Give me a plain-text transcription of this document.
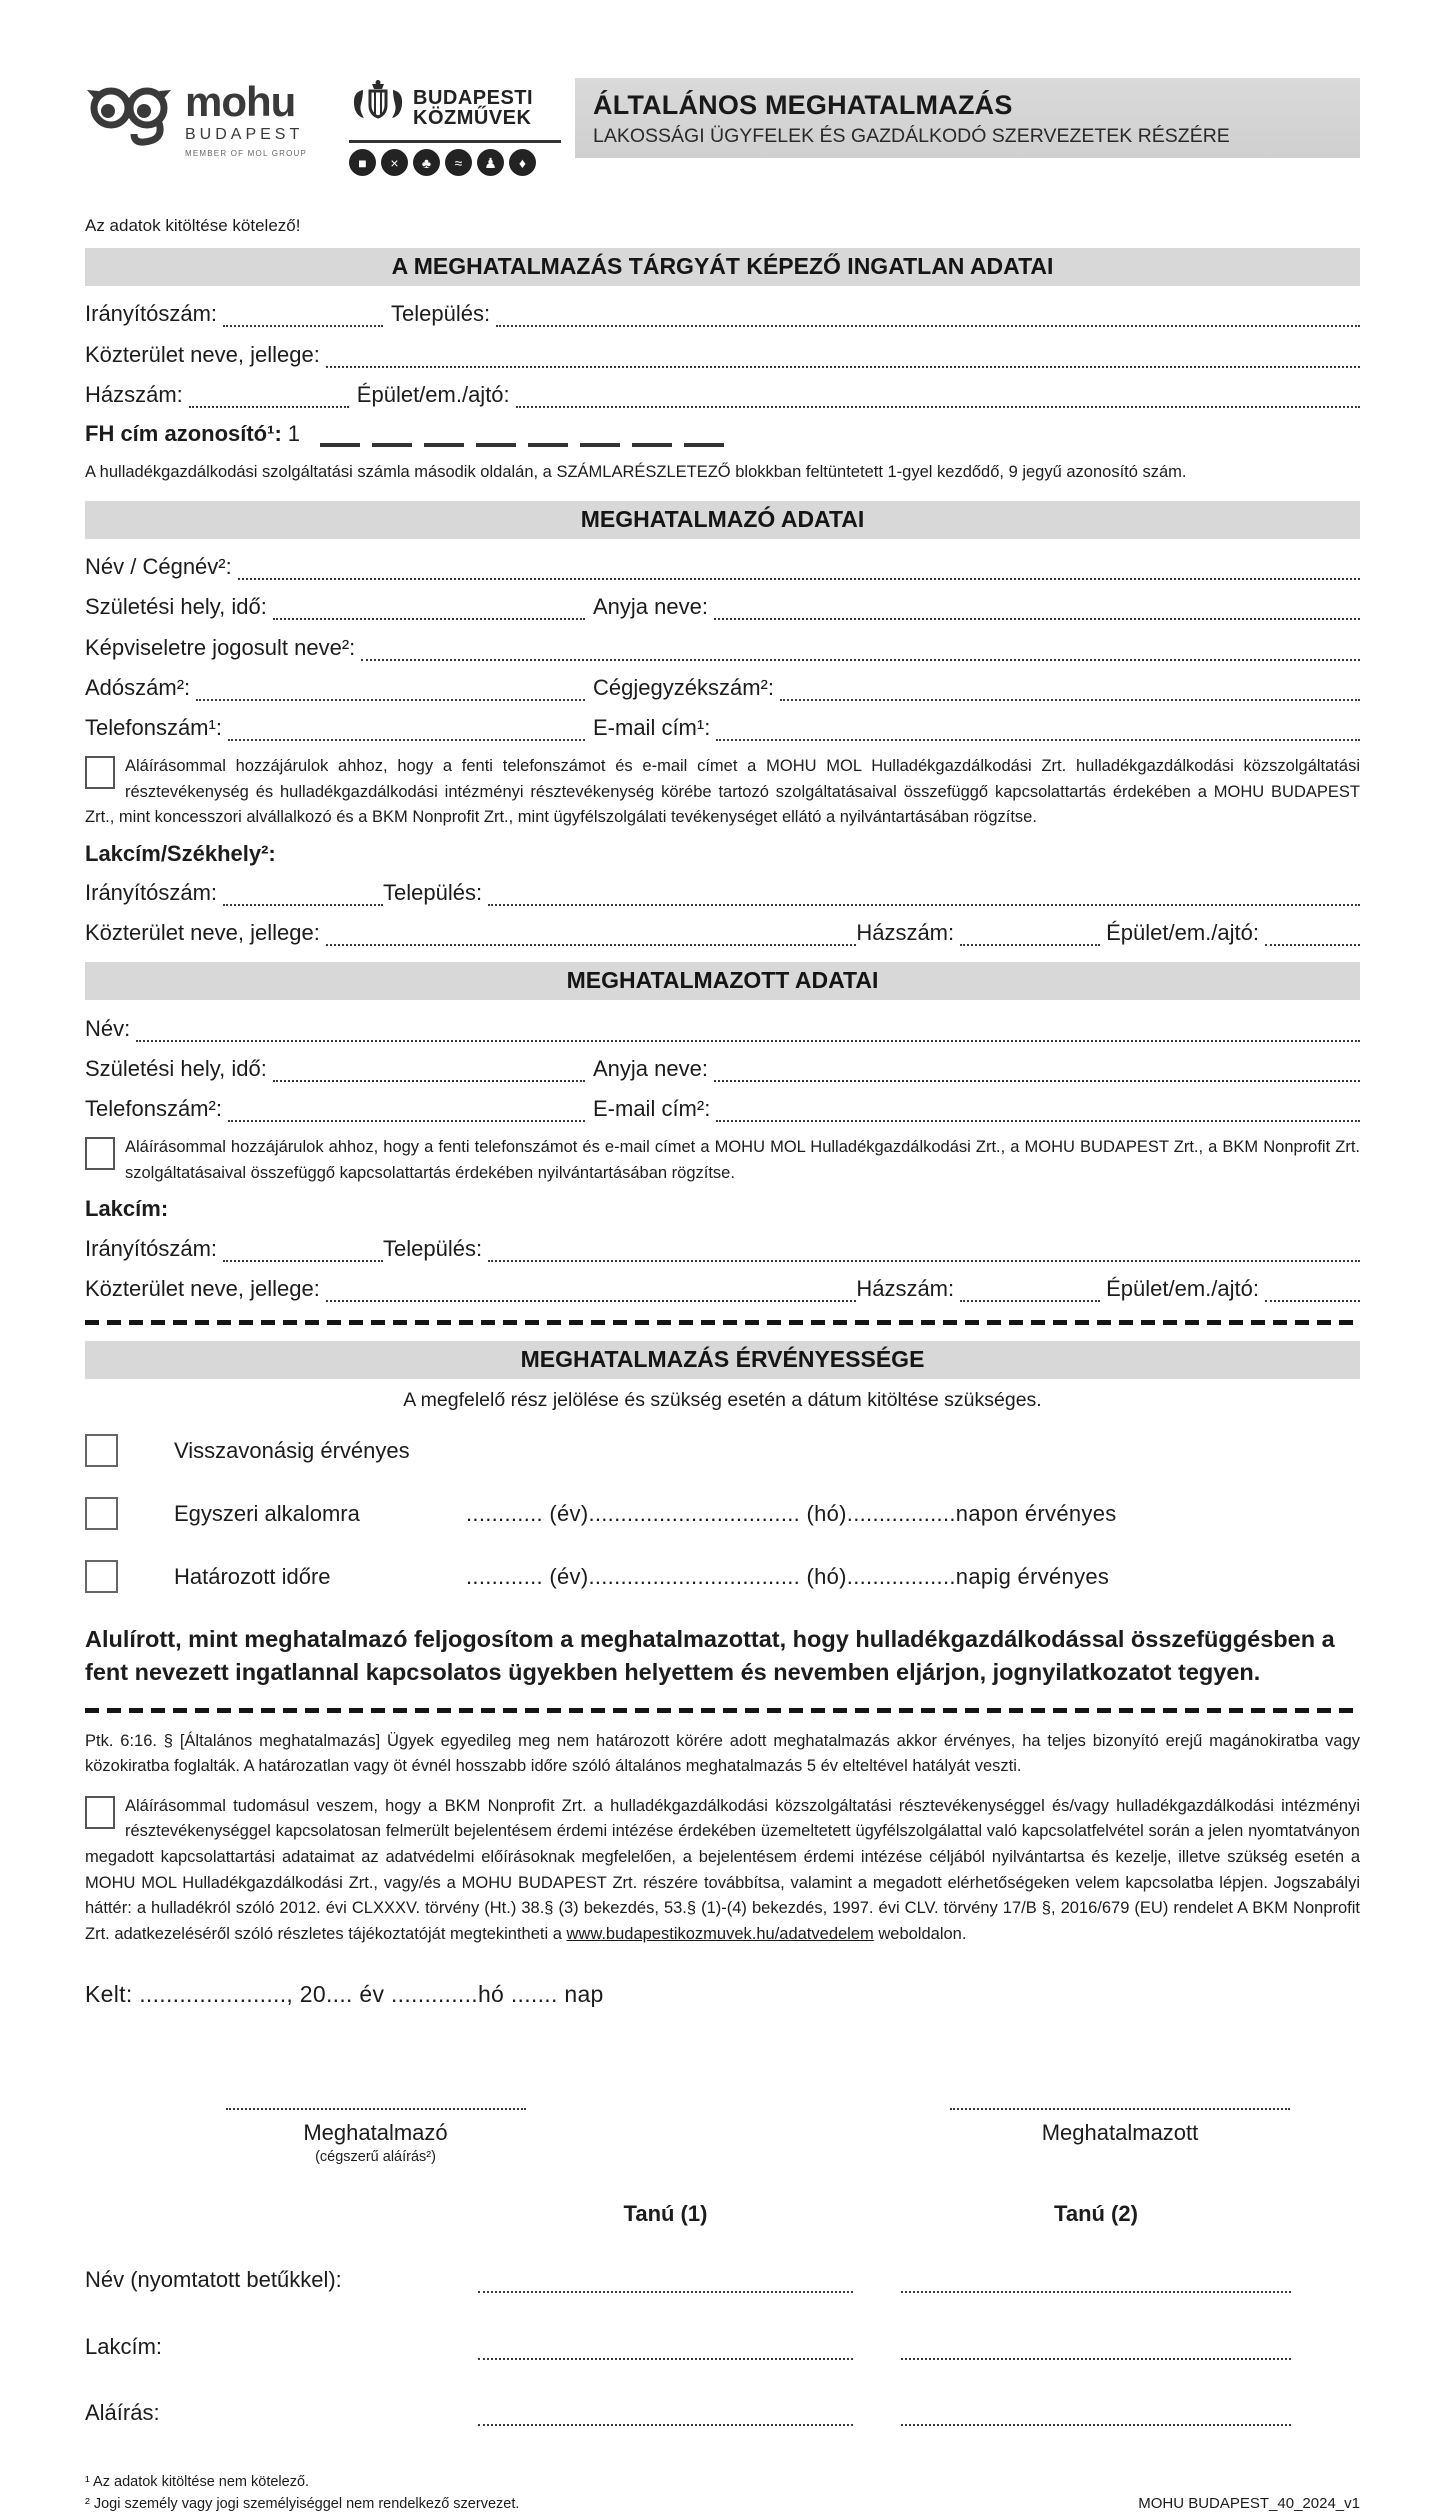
mohu
BUDAPEST
MEMBER OF MOL GROUP
BUDAPESTI
KÖZMŰVEK
■	×	♣	≈	♟	♦
ÁLTALÁNOS MEGHATALMAZÁS
LAKOSSÁGI ÜGYFELEK ÉS GAZDÁLKODÓ SZERVEZETEK RÉSZÉRE
Az adatok kitöltése kötelező!
A MEGHATALMAZÁS TÁRGYÁT KÉPEZŐ INGATLAN ADATAI
Irányítószám:	Település:
Közterület neve, jellege:
Házszám:	Épület/em./ajtó:
FH cím azonosító¹: 1
A hulladékgazdálkodási szolgáltatási számla második oldalán, a SZÁMLARÉSZLETEZŐ blokkban feltüntetett 1-gyel kezdődő, 9 jegyű azonosító szám.
MEGHATALMAZÓ ADATAI
Név / Cégnév²:
Születési hely, idő:	Anyja neve:
Képviseletre jogosult neve²:
Adószám²:	Cégjegyzékszám²:
Telefonszám¹:	E-mail cím¹:
Aláírásommal hozzájárulok ahhoz, hogy a fenti telefonszámot és e-mail címet a MOHU MOL Hulladékgazdálkodási Zrt. hulladékgazdálkodási közszolgáltatási résztevékenység és hulladékgazdálkodási intézményi résztevékenység körébe tartozó szolgáltatásaival összefüggő kapcsolattartás érdekében a MOHU BUDAPEST Zrt., mint koncesszori alvállalkozó és a BKM Nonprofit Zrt., mint ügyfélszolgálati tevékenységet ellátó a nyilvántartásában rögzítse.
Lakcím/Székhely²:
Irányítószám:	Település:
Közterület neve, jellege:	Házszám:	Épület/em./ajtó:
MEGHATALMAZOTT ADATAI
Név:
Születési hely, idő:	Anyja neve:
Telefonszám²:	E-mail cím²:
Aláírásommal hozzájárulok ahhoz, hogy a fenti telefonszámot és e-mail címet a MOHU MOL Hulladékgazdálkodási Zrt., a MOHU BUDAPEST Zrt., a BKM Nonprofit Zrt. szolgáltatásaival összefüggő kapcsolattartás érdekében nyilvántartásában rögzítse.
Lakcím:
Irányítószám:	Település:
Közterület neve, jellege:	Házszám:	Épület/em./ajtó:
MEGHATALMAZÁS ÉRVÉNYESSÉGE
A megfelelő rész jelölése és szükség esetén a dátum kitöltése szükséges.
Visszavonásig érvényes
Egyszeri alkalomra	............ (év)................................. (hó).................napon érvényes
Határozott időre	............ (év)................................. (hó).................napig érvényes
Alulírott, mint meghatalmazó feljogosítom a meghatalmazottat, hogy hulladékgazdálkodással összefüggésben a fent nevezett ingatlannal kapcsolatos ügyekben helyettem és nevemben eljárjon, jognyilatkozatot tegyen.
Ptk. 6:16. § [Általános meghatalmazás] Ügyek egyedileg meg nem határozott körére adott meghatalmazás akkor érvényes, ha teljes bizonyító erejű magánokiratba vagy közokiratba foglalták. A határozatlan vagy öt évnél hosszabb időre szóló általános meghatalmazás 5 év elteltével hatályát veszti.
Aláírásommal tudomásul veszem, hogy a BKM Nonprofit Zrt. a hulladékgazdálkodási közszolgáltatási résztevékenységgel és/vagy hulladékgazdálkodási intézményi résztevékenységgel kapcsolatosan felmerült bejelentésem érdemi intézése érdekében üzemeltetett ügyfélszolgálattal való kapcsolatfelvétel során a jelen nyomtatványon megadott kapcsolattartási adataimat az adatvédelmi előírásoknak megfelelően, a bejelentésem érdemi intézése céljából nyilvántartsa és kezelje, illetve szükség esetén a MOHU MOL Hulladékgazdálkodási Zrt., vagy/és a MOHU BUDAPEST Zrt. részére továbbítsa, valamint a megadott elérhetőségeken velem kapcsolatba lépjen. Jogszabályi háttér: a hulladékról szóló 2012. évi CLXXXV. törvény (Ht.) 38.§ (3) bekezdés, 53.§ (1)-(4) bekezdés, 1997. évi CLV. törvény 17/B §, 2016/679 (EU) rendelet A BKM Nonprofit Zrt. adatkezeléséről szóló részletes tájékoztatóját megtekintheti a www.budapestikozmuvek.hu/adatvedelem weboldalon.
Kelt: ......................, 20.... év .............hó ....... nap
Meghatalmazó
(cégszerű aláírás²)
Meghatalmazott
Tanú (1)	Tanú (2)
Név (nyomtatott betűkkel):
Lakcím:
Aláírás:
¹ Az adatok kitöltése nem kötelező.
² Jogi személy vagy jogi személyiséggel nem rendelkező szervezet.	MOHU BUDAPEST_40_2024_v1
